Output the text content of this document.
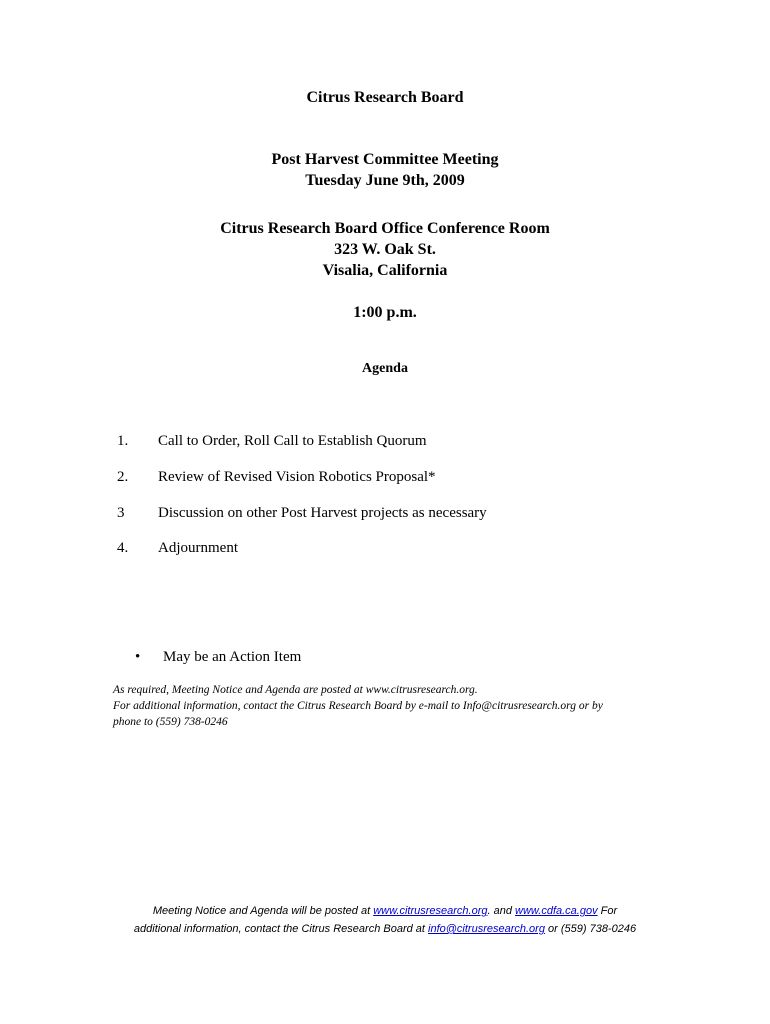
Citrus Research Board
Post Harvest Committee Meeting
Tuesday June 9th, 2009
Citrus Research Board Office Conference Room
323 W. Oak St.
Visalia, California
1:00 p.m.
Agenda
1. Call to Order, Roll Call to Establish Quorum
2. Review of Revised Vision Robotics Proposal*
3 Discussion on other Post Harvest projects as necessary
4. Adjournment
• May be an Action Item
As required, Meeting Notice and Agenda are posted at www.citrusresearch.org.
For additional information, contact the Citrus Research Board by e-mail to Info@citrusresearch.org or by
phone to (559) 738-0246
Meeting Notice and Agenda will be posted at www.citrusresearch.org. and www.cdfa.ca.gov For
additional information, contact the Citrus Research Board at info@citrusresearch.org or (559) 738-0246
